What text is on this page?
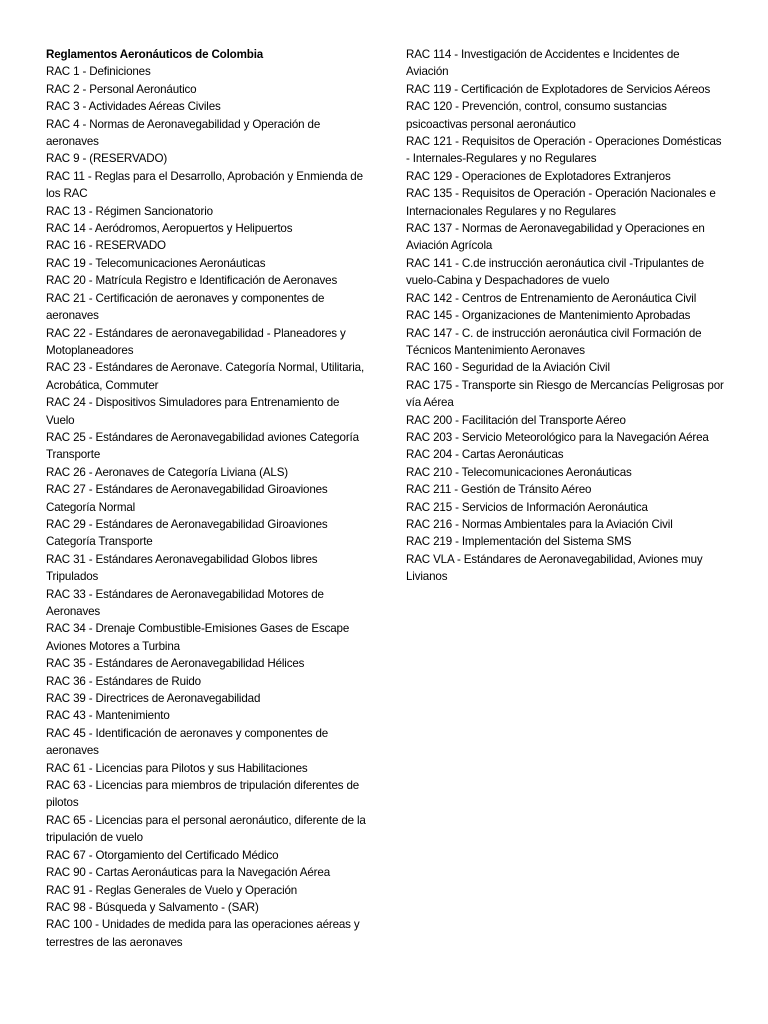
Reglamentos Aeronáuticos de Colombia
RAC 1 - Definiciones
RAC 2 - Personal Aeronáutico
RAC 3 - Actividades Aéreas Civiles
RAC 4 - Normas de Aeronavegabilidad y Operación de aeronaves
RAC 9 - (RESERVADO)
RAC 11 - Reglas para el Desarrollo, Aprobación y Enmienda de los RAC
RAC 13 - Régimen Sancionatorio
RAC 14 - Aeródromos, Aeropuertos y Helipuertos
RAC 16 - RESERVADO
RAC 19 - Telecomunicaciones Aeronáuticas
RAC 20 - Matrícula Registro e Identificación de Aeronaves
RAC 21 - Certificación de aeronaves y componentes de aeronaves
RAC 22 - Estándares de aeronavegabilidad - Planeadores y Motoplaneadores
RAC 23 - Estándares de Aeronave. Categoría Normal, Utilitaria, Acrobática, Commuter
RAC 24 - Dispositivos Simuladores para Entrenamiento de Vuelo
RAC 25 - Estándares de Aeronavegabilidad aviones Categoría Transporte
RAC 26 - Aeronaves de Categoría Liviana (ALS)
RAC 27 - Estándares de Aeronavegabilidad Giroaviones Categoría Normal
RAC 29 - Estándares de Aeronavegabilidad Giroaviones Categoría Transporte
RAC 31 - Estándares Aeronavegabilidad Globos libres Tripulados
RAC 33 - Estándares de Aeronavegabilidad Motores de Aeronaves
RAC 34 - Drenaje Combustible-Emisiones Gases de Escape Aviones Motores a Turbina
RAC 35 - Estándares de Aeronavegabilidad Hélices
RAC 36 - Estándares de Ruido
RAC 39 - Directrices de Aeronavegabilidad
RAC 43 - Mantenimiento
RAC 45 - Identificación de aeronaves y componentes de aeronaves
RAC 61 - Licencias para Pilotos y sus Habilitaciones
RAC 63 - Licencias para miembros de tripulación diferentes de pilotos
RAC 65 - Licencias para el personal aeronáutico, diferente de la tripulación de vuelo
RAC 67 - Otorgamiento del Certificado Médico
RAC 90 - Cartas Aeronáuticas para la Navegación Aérea
RAC 91 - Reglas Generales de Vuelo y Operación
RAC 98 - Búsqueda y Salvamento - (SAR)
RAC 100 - Unidades de medida para las operaciones aéreas y terrestres de las aeronaves
RAC 114 - Investigación de Accidentes e Incidentes de Aviación
RAC 119 - Certificación de Explotadores de Servicios Aéreos
RAC 120 - Prevención, control, consumo sustancias psicoactivas personal aeronáutico
RAC 121 - Requisitos de Operación - Operaciones Domésticas - Internales-Regulares y no Regulares
RAC 129 - Operaciones de Explotadores Extranjeros
RAC 135 - Requisitos de Operación - Operación Nacionales e Internacionales Regulares y no Regulares
RAC 137 - Normas de Aeronavegabilidad y Operaciones en Aviación Agrícola
RAC 141 - C.de instrucción aeronáutica civil -Tripulantes de vuelo-Cabina y Despachadores de vuelo
RAC 142 - Centros de Entrenamiento de Aeronáutica Civil
RAC 145 - Organizaciones de Mantenimiento Aprobadas
RAC 147 - C. de instrucción aeronáutica civil Formación de Técnicos Mantenimiento Aeronaves
RAC 160 - Seguridad de la Aviación Civil
RAC 175 - Transporte sin Riesgo de Mercancías Peligrosas por vía Aérea
RAC 200 - Facilitación del Transporte Aéreo
RAC 203 - Servicio Meteorológico para la Navegación Aérea
RAC 204 - Cartas Aeronáuticas
RAC 210 - Telecomunicaciones Aeronáuticas
RAC 211 - Gestión de Tránsito Aéreo
RAC 215 - Servicios de Información Aeronáutica
RAC 216 - Normas Ambientales para la Aviación Civil
RAC 219 - Implementación del Sistema SMS
RAC VLA - Estándares de Aeronavegabilidad, Aviones muy Livianos
